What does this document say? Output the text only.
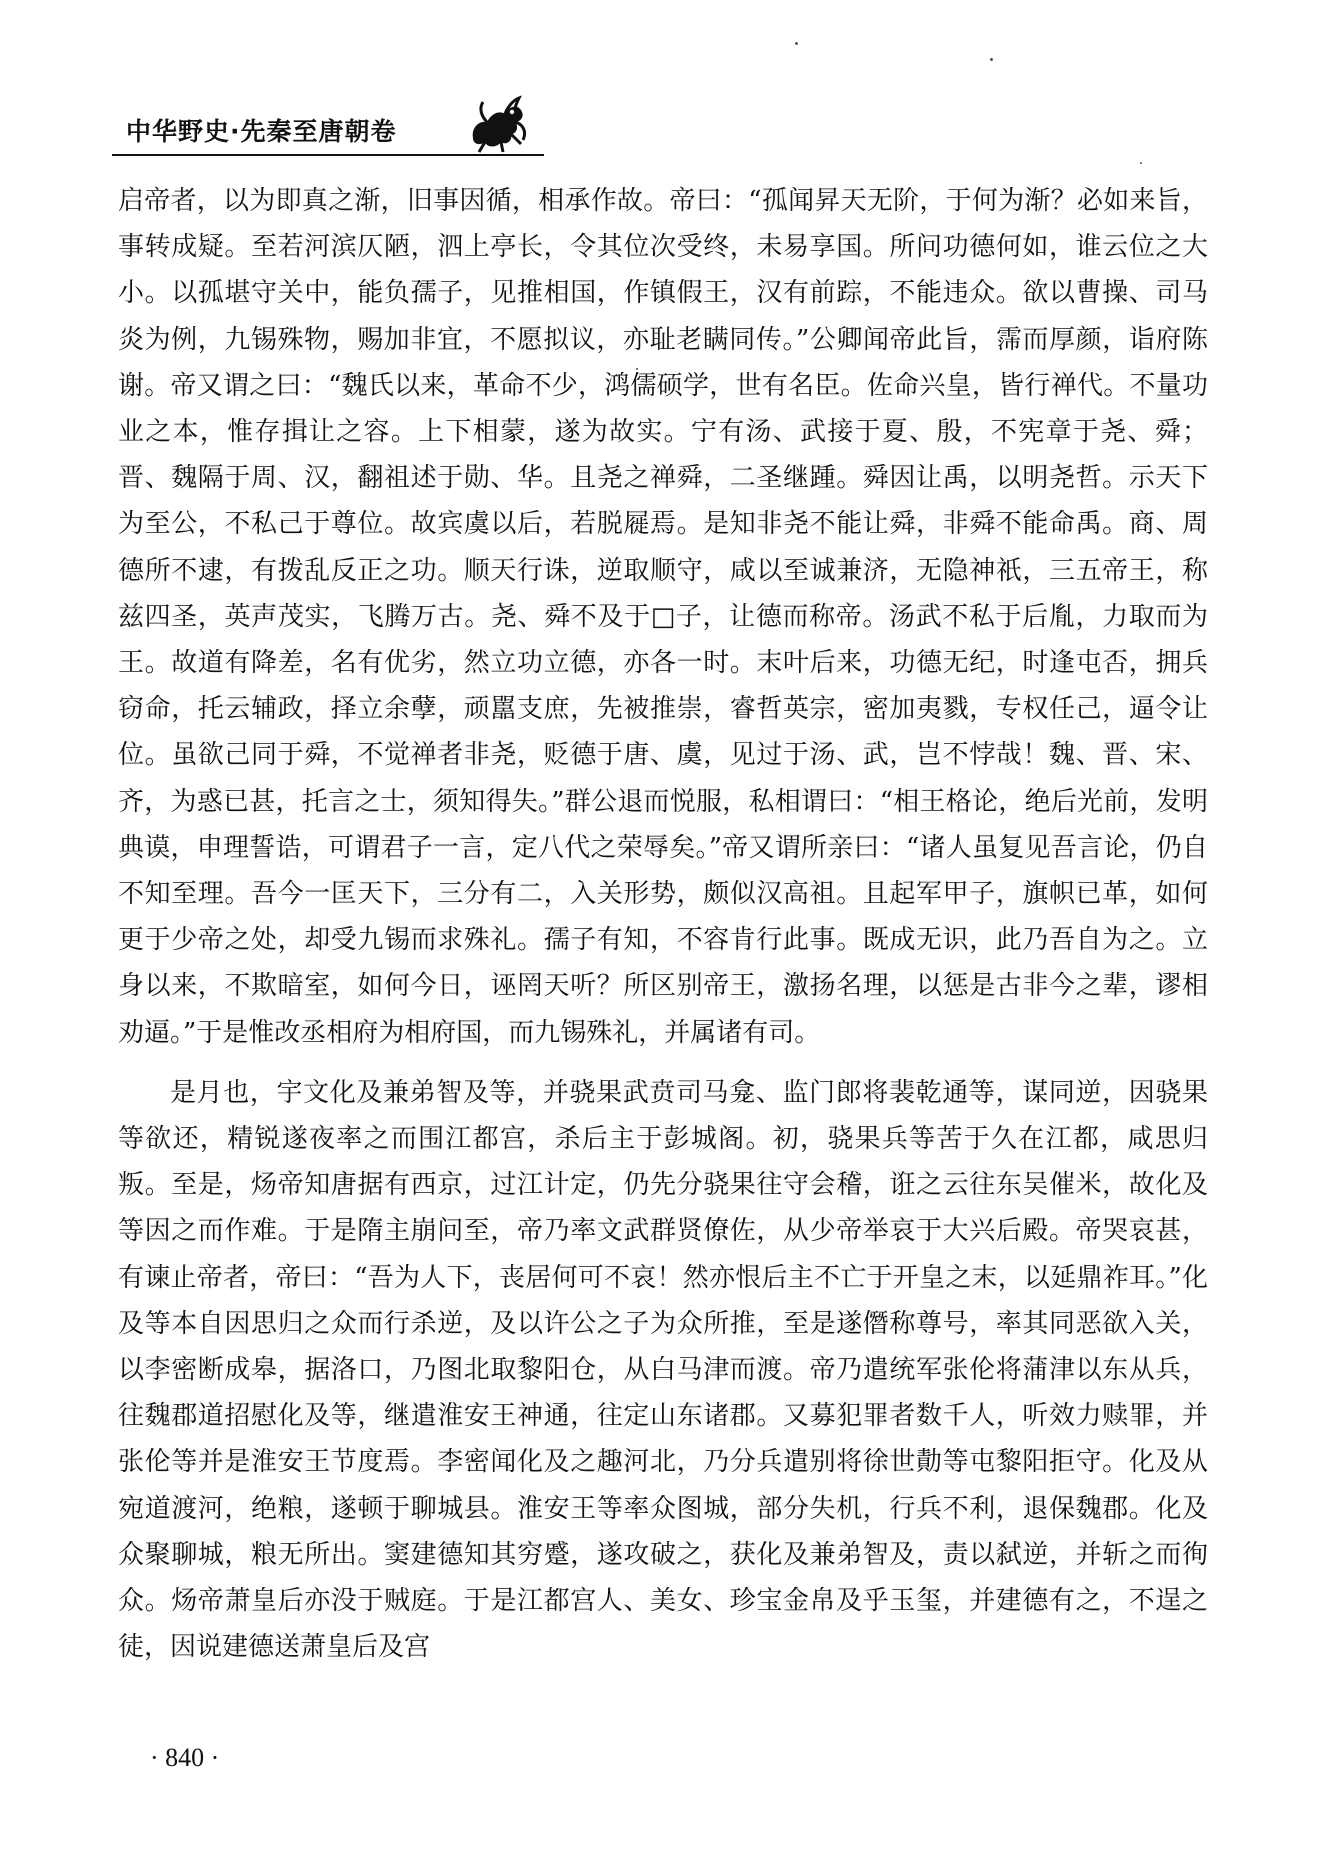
中华野史·先秦至唐朝卷

启帝者，以为即真之渐，旧事因循，相承作故。帝曰：“孤闻昇天无阶，于何为渐？必如来旨，事转成疑。至若河滨仄陋，泗上亭长，令其位次受终，未易享国。所问功德何如，谁云位之大小。以孤堪守关中，能负孺子，见推相国，作镇假王，汉有前踪，不能违众。欲以曹操、司马炎为例，九锡殊物，赐加非宜，不愿拟议，亦耻老瞒同传。”公卿闻帝此旨，霈而厚颜，诣府陈谢。帝又谓之曰：“魏氏以来，革命不少，鸿儒硕学，世有名臣。佐命兴皇，皆行禅代。不量功业之本，惟存揖让之容。上下相蒙，遂为故实。宁有汤、武接于夏、殷，不宪章于尧、舜；晋、魏隔于周、汉，翻祖述于勋、华。且尧之禅舜，二圣继踵。舜因让禹，以明尧哲。示天下为至公，不私己于尊位。故宾虞以后，若脱屣焉。是知非尧不能让舜，非舜不能命禹。商、周德所不逮，有拨乱反正之功。顺天行诛，逆取顺守，咸以至诚兼济，无隐神祇，三五帝王，称兹四圣，英声茂实，飞腾万古。尧、舜不及于□子，让德而称帝。汤武不私于后胤，力取而为王。故道有降差，名有优劣，然立功立德，亦各一时。末叶后来，功德无纪，时逢屯否，拥兵窃命，托云辅政，择立余孽，顽嚚支庶，先被推崇，睿哲英宗，密加夷戮，专权任己，逼令让位。虽欲己同于舜，不觉禅者非尧，贬德于唐、虞，见过于汤、武，岂不悖哉！魏、晋、宋、齐，为惑已甚，托言之士，须知得失。”群公退而悦服，私相谓曰：“相王格论，绝后光前，发明典谟，申理誓诰，可谓君子一言，定八代之荣辱矣。”帝又谓所亲曰：“诸人虽复见吾言论，仍自不知至理。吾今一匡天下，三分有二，入关形势，颇似汉高祖。且起军甲子，旗帜已革，如何更于少帝之处，却受九锡而求殊礼。孺子有知，不容肯行此事。既成无识，此乃吾自为之。立身以来，不欺暗室，如何今日，诬罔天听？所区别帝王，激扬名理，以惩是古非今之辈，谬相劝逼。”于是惟改丞相府为相府国，而九锡殊礼，并属诸有司。

是月也，宇文化及兼弟智及等，并骁果武贲司马龛、监门郎将裴乾通等，谋同逆，因骁果等欲还，精锐遂夜率之而围江都宫，杀后主于彭城阁。初，骁果兵等苦于久在江都，咸思归叛。至是，炀帝知唐据有西京，过江计定，仍先分骁果往守会稽，诳之云往东吴催米，故化及等因之而作难。于是隋主崩问至，帝乃率文武群贤僚佐，从少帝举哀于大兴后殿。帝哭哀甚，有谏止帝者，帝曰：“吾为人下，丧居何可不哀！然亦恨后主不亡于开皇之末，以延鼎祚耳。”化及等本自因思归之众而行杀逆，及以许公之子为众所推，至是遂僭称尊号，率其同恶欲入关，以李密断成皋，据洛口，乃图北取黎阳仓，从白马津而渡。帝乃遣统军张伦将蒲津以东从兵，往魏郡道招慰化及等，继遣淮安王神通，往定山东诸郡。又募犯罪者数千人，听效力赎罪，并张伦等并是淮安王节度焉。李密闻化及之趣河北，乃分兵遣别将徐世勣等屯黎阳拒守。化及从宛道渡河，绝粮，遂顿于聊城县。淮安王等率众图城，部分失机，行兵不利，退保魏郡。化及众聚聊城，粮无所出。窦建德知其穷蹙，遂攻破之，获化及兼弟智及，责以弑逆，并斩之而徇众。炀帝萧皇后亦没于贼庭。于是江都宫人、美女、珍宝金帛及乎玉玺，并建德有之，不逞之徒，因说建德送萧皇后及宫

· 840 ·
